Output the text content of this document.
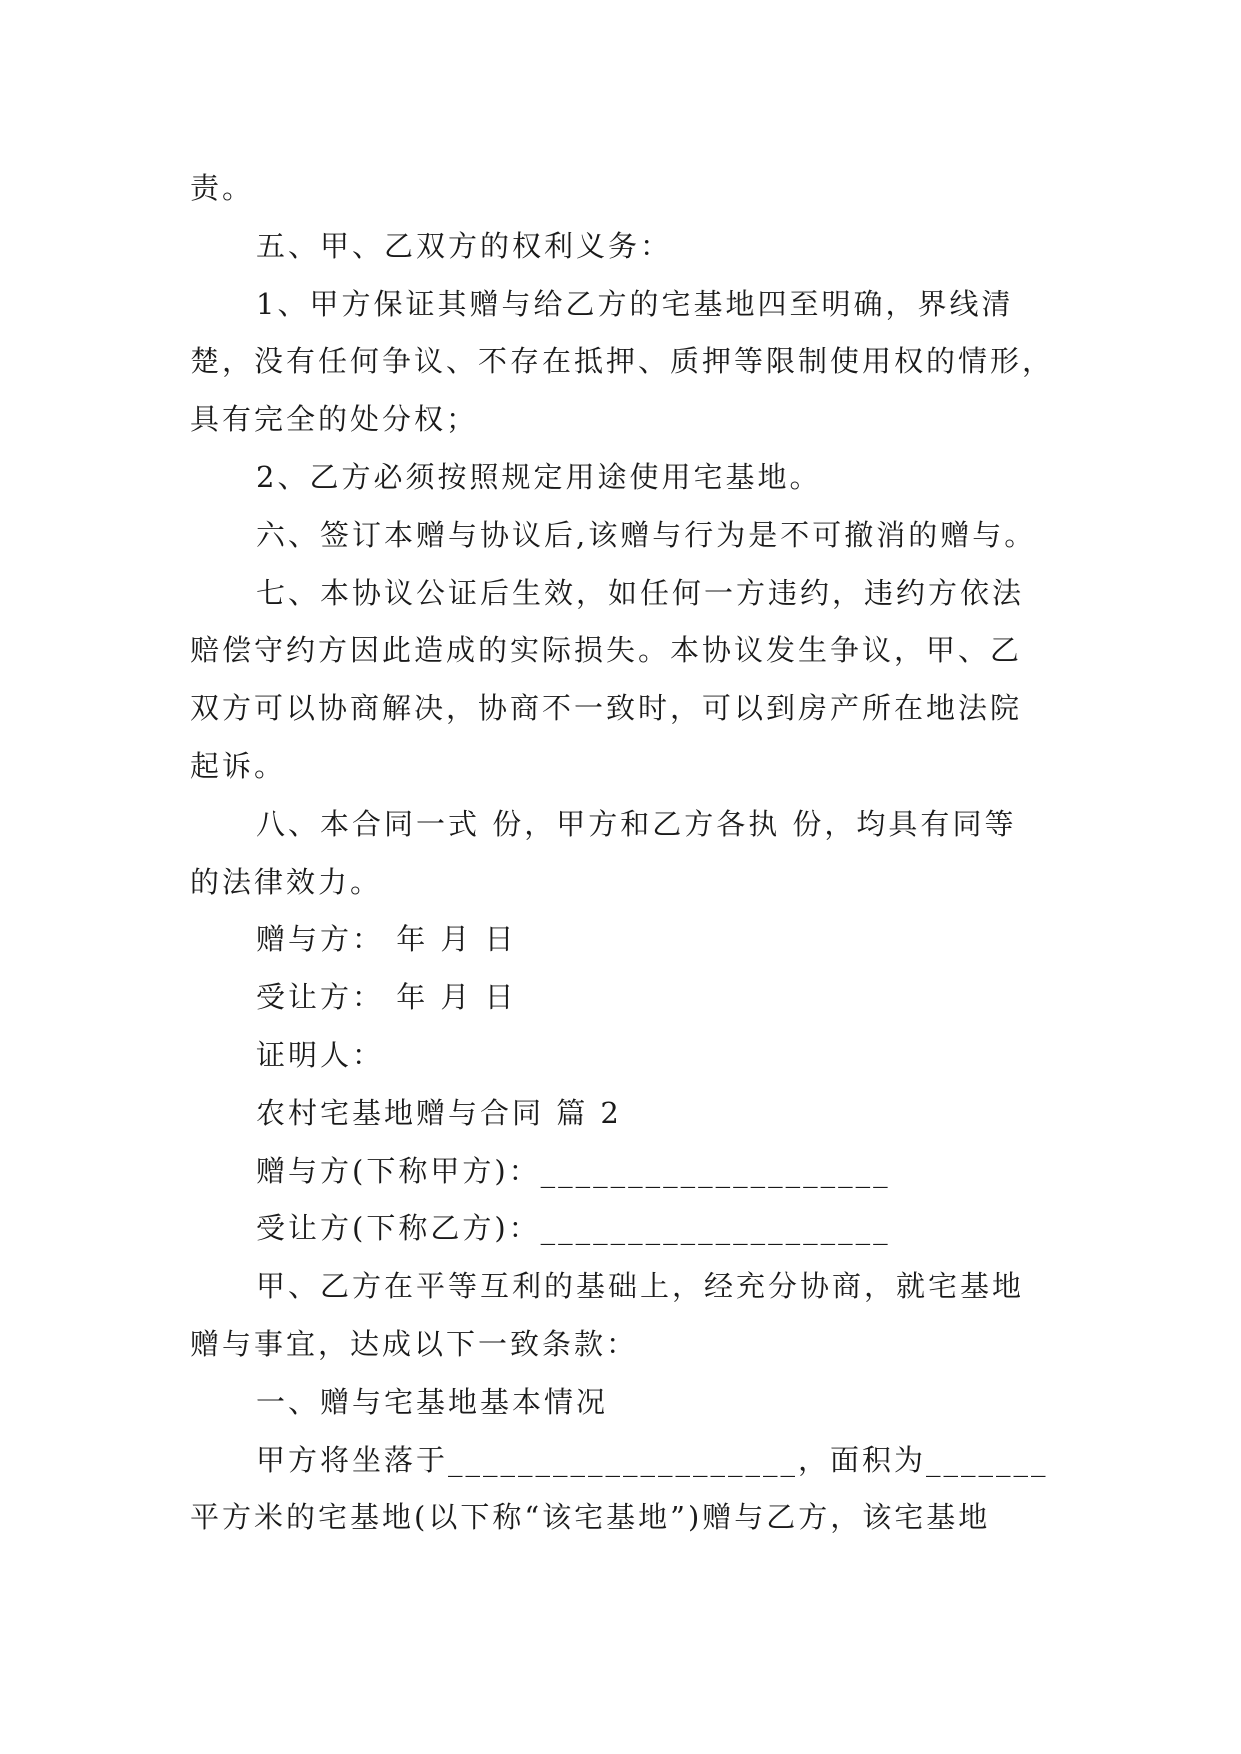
责。
五、甲、乙双方的权利义务：
1、甲方保证其赠与给乙方的宅基地四至明确，界线清
楚，没有任何争议、不存在抵押、质押等限制使用权的情形，
具有完全的处分权；
2、乙方必须按照规定用途使用宅基地。
六、签订本赠与协议后,该赠与行为是不可撤消的赠与。
七、本协议公证后生效，如任何一方违约，违约方依法
赔偿守约方因此造成的实际损失。本协议发生争议，甲、乙
双方可以协商解决，协商不一致时，可以到房产所在地法院
起诉。
八、本合同一式 份，甲方和乙方各执 份，均具有同等
的法律效力。
赠与方： 年 月 日
受让方： 年 月 日
证明人：
农村宅基地赠与合同 篇 2
赠与方(下称甲方)：____________________
受让方(下称乙方)：____________________
甲、乙方在平等互利的基础上，经充分协商，就宅基地
赠与事宜，达成以下一致条款：
一、赠与宅基地基本情况
甲方将坐落于____________________，面积为_______
平方米的宅基地(以下称“该宅基地”)赠与乙方，该宅基地
